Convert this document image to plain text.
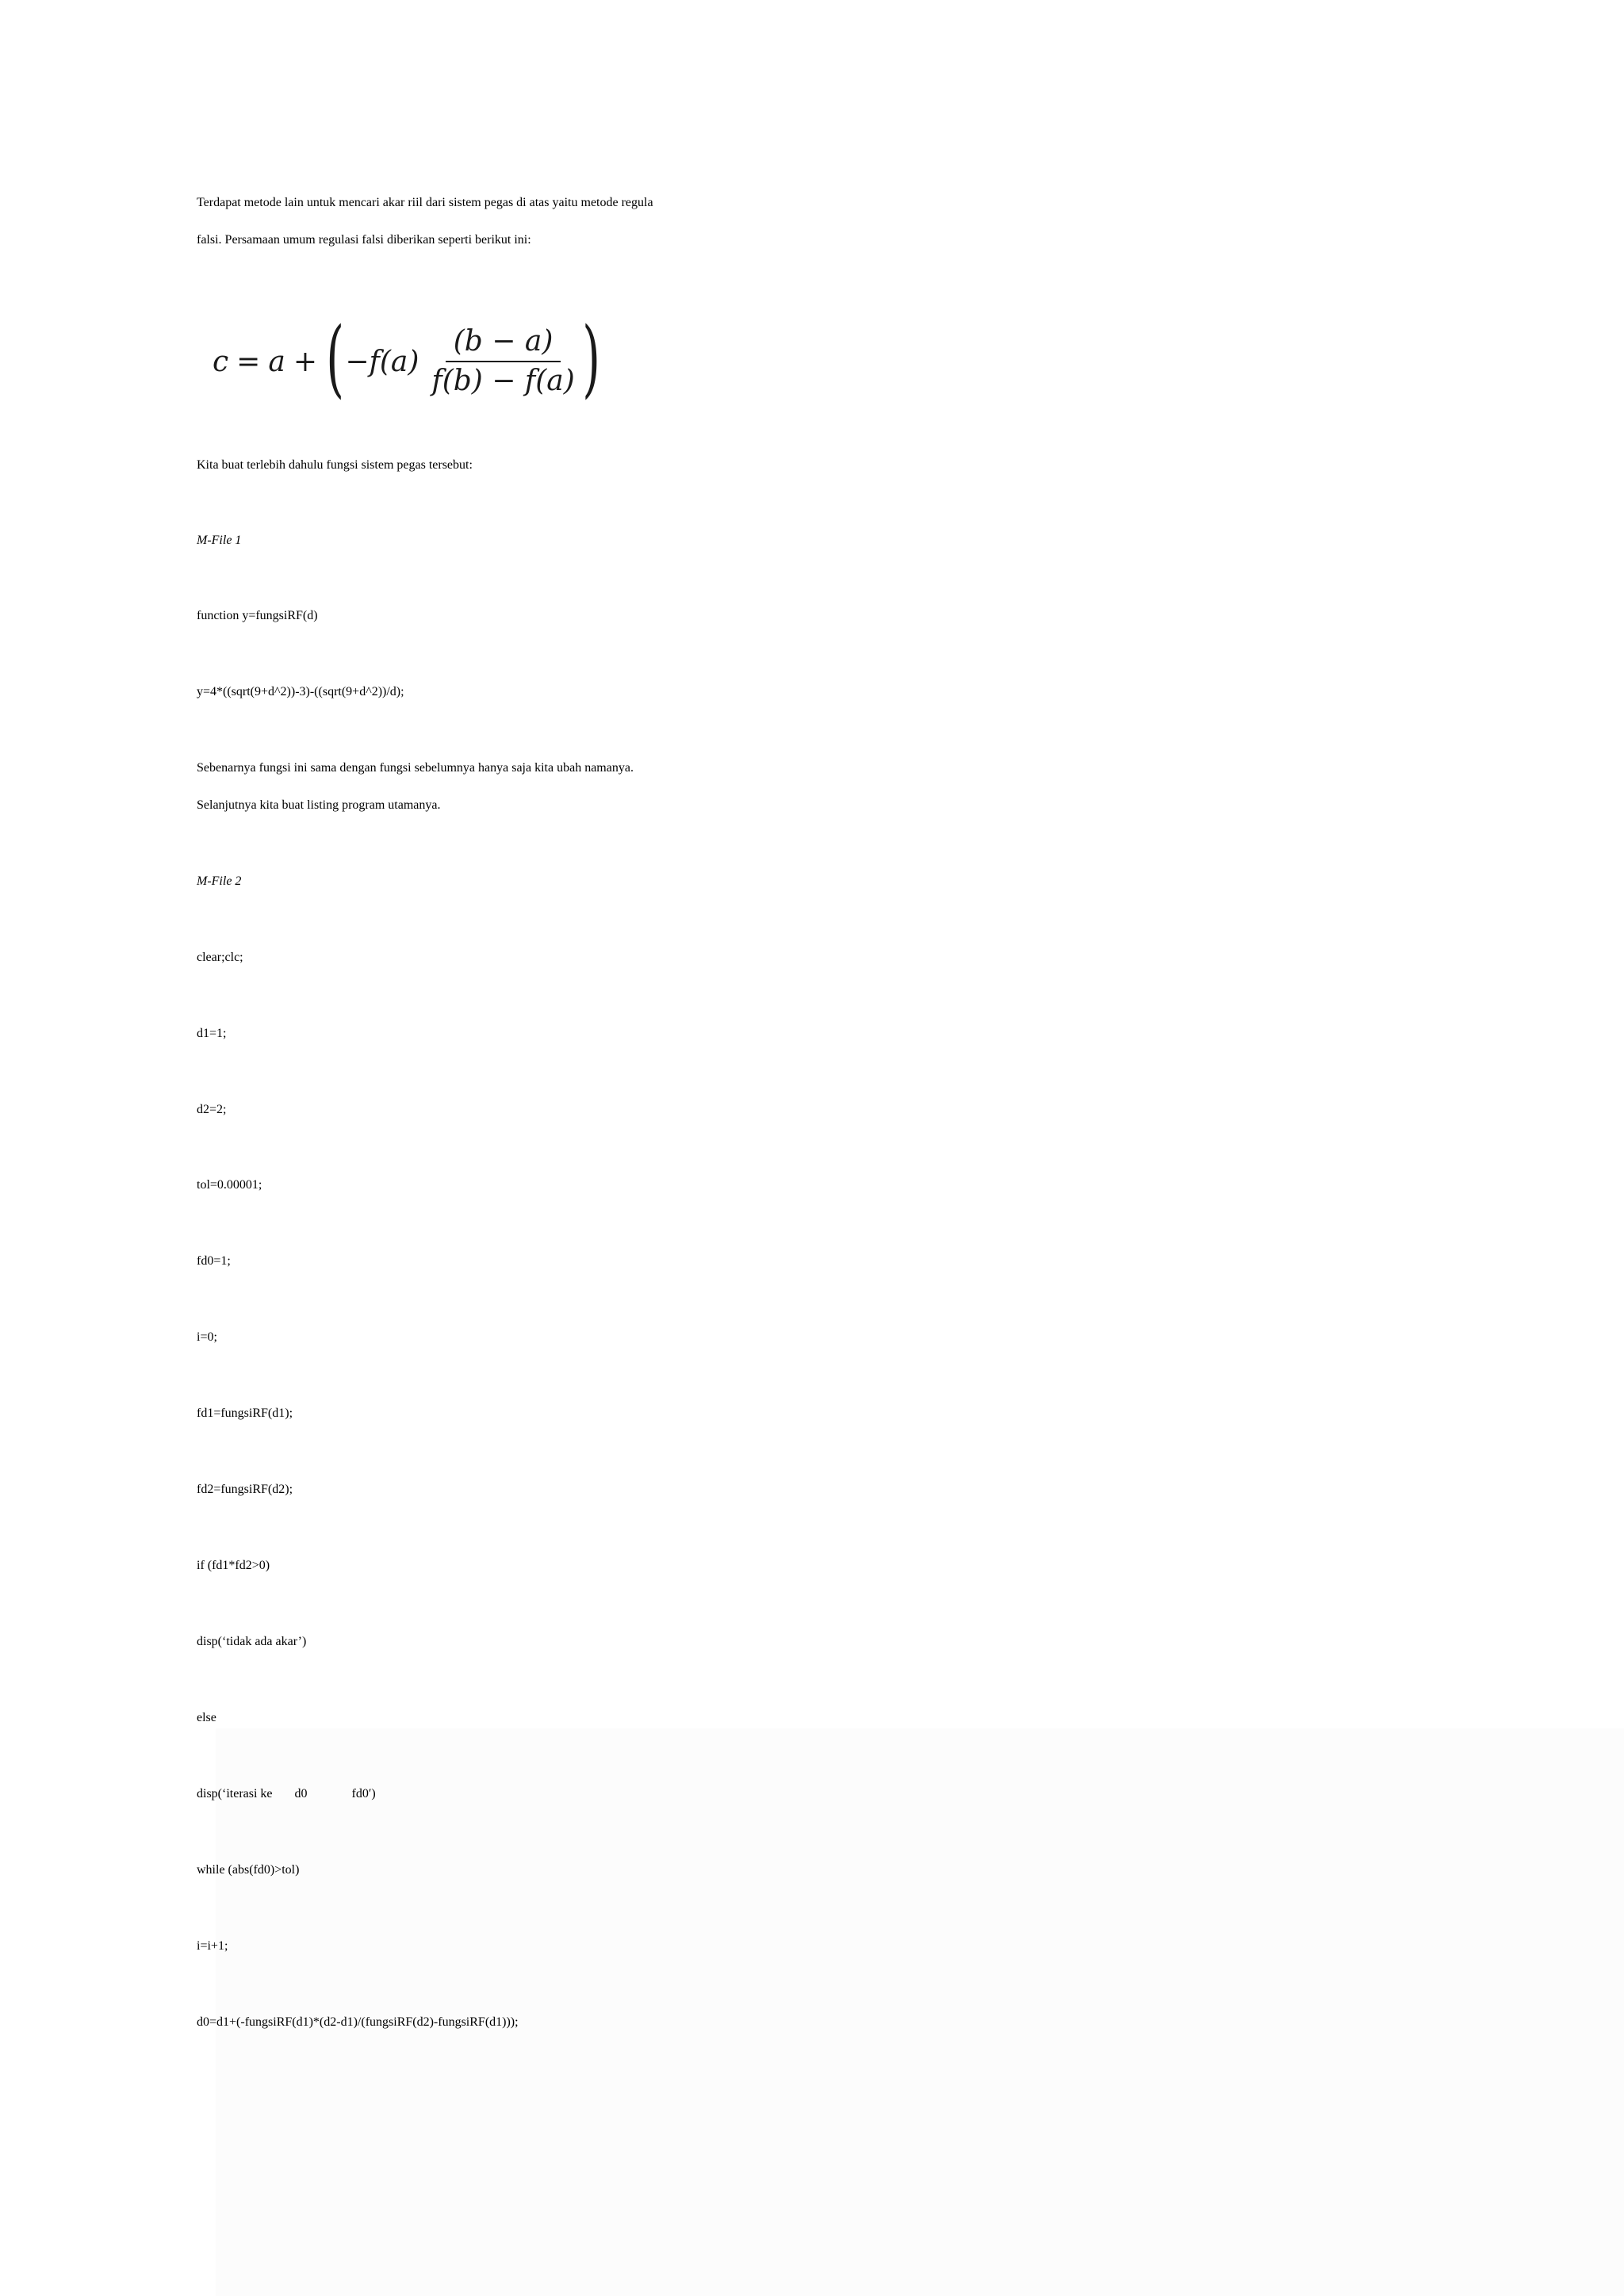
Terdapat metode lain untuk mencari akar riil dari sistem pegas di atas yaitu metode regula

falsi. Persamaan umum regulasi falsi diberikan seperti berikut ini:

c = a + ( $-f(a) \frac{(b - a)}{f(b) - f(a)}$ )

Kita buat terlebih dahulu fungsi sistem pegas tersebut:

M-File 1

function y=fungsiRF(d)

y=4*((sqrt(9+d^2))-3)-((sqrt(9+d^2))/d);

Sebenarnya fungsi ini sama dengan fungsi sebelumnya hanya saja kita ubah namanya.

Selanjutnya kita buat listing program utamanya.

M-File 2

clear;clc;

d1=1;

d2=2;

tol=0.00001;

fd0=1;

i=0;

fd1=fungsiRF(d1);

fd2=fungsiRF(d2);

if (fd1*fd2>0)

disp(‘tidak ada akar’)

else

disp(‘iterasi ke       d0              fd0′)

while (abs(fd0)>tol)

i=i+1;

d0=d1+(-fungsiRF(d1)*(d2-d1)/(fungsiRF(d2)-fungsiRF(d1)));
